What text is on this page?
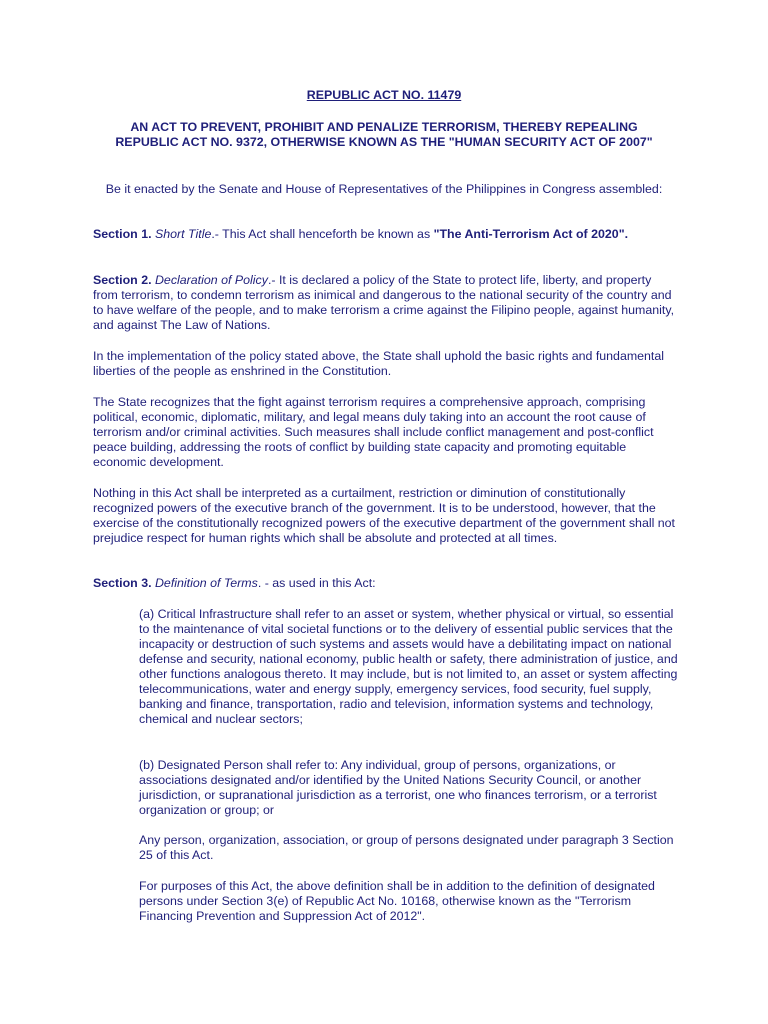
REPUBLIC ACT NO. 11479
AN ACT TO PREVENT, PROHIBIT AND PENALIZE TERRORISM, THEREBY REPEALING REPUBLIC ACT NO. 9372, OTHERWISE KNOWN AS THE "HUMAN SECURITY ACT OF 2007"
Be it enacted by the Senate and House of Representatives of the Philippines in Congress assembled:

Section 1. Short Title.- This Act shall henceforth be known as "The Anti-Terrorism Act of 2020".

Section 2. Declaration of Policy.- It is declared a policy of the State to protect life, liberty, and property from terrorism, to condemn terrorism as inimical and dangerous to the national security of the country and to have welfare of the people, and to make terrorism a crime against the Filipino people, against humanity, and against The Law of Nations.

In the implementation of the policy stated above, the State shall uphold the basic rights and fundamental liberties of the people as enshrined in the Constitution.

The State recognizes that the fight against terrorism requires a comprehensive approach, comprising political, economic, diplomatic, military, and legal means duly taking into an account the root cause of terrorism and/or criminal activities. Such measures shall include conflict management and post-conflict peace building, addressing the roots of conflict by building state capacity and promoting equitable economic development.

Nothing in this Act shall be interpreted as a curtailment, restriction or diminution of constitutionally recognized powers of the executive branch of the government. It is to be understood, however, that the exercise of the constitutionally recognized powers of the executive department of the government shall not prejudice respect for human rights which shall be absolute and protected at all times.

Section 3. Definition of Terms. - as used in this Act:

(a) Critical Infrastructure shall refer to an asset or system, whether physical or virtual, so essential to the maintenance of vital societal functions or to the delivery of essential public services that the incapacity or destruction of such systems and assets would have a debilitating impact on national defense and security, national economy, public health or safety, there administration of justice, and other functions analogous thereto. It may include, but is not limited to, an asset or system affecting telecommunications, water and energy supply, emergency services, food security, fuel supply, banking and finance, transportation, radio and television, information systems and technology, chemical and nuclear sectors;

(b) Designated Person shall refer to: Any individual, group of persons, organizations, or associations designated and/or identified by the United Nations Security Council, or another jurisdiction, or supranational jurisdiction as a terrorist, one who finances terrorism, or a terrorist organization or group; or

Any person, organization, association, or group of persons designated under paragraph 3 Section 25 of this Act.

For purposes of this Act, the above definition shall be in addition to the definition of designated persons under Section 3(e) of Republic Act No. 10168, otherwise known as the "Terrorism Financing Prevention and Suppression Act of 2012".
